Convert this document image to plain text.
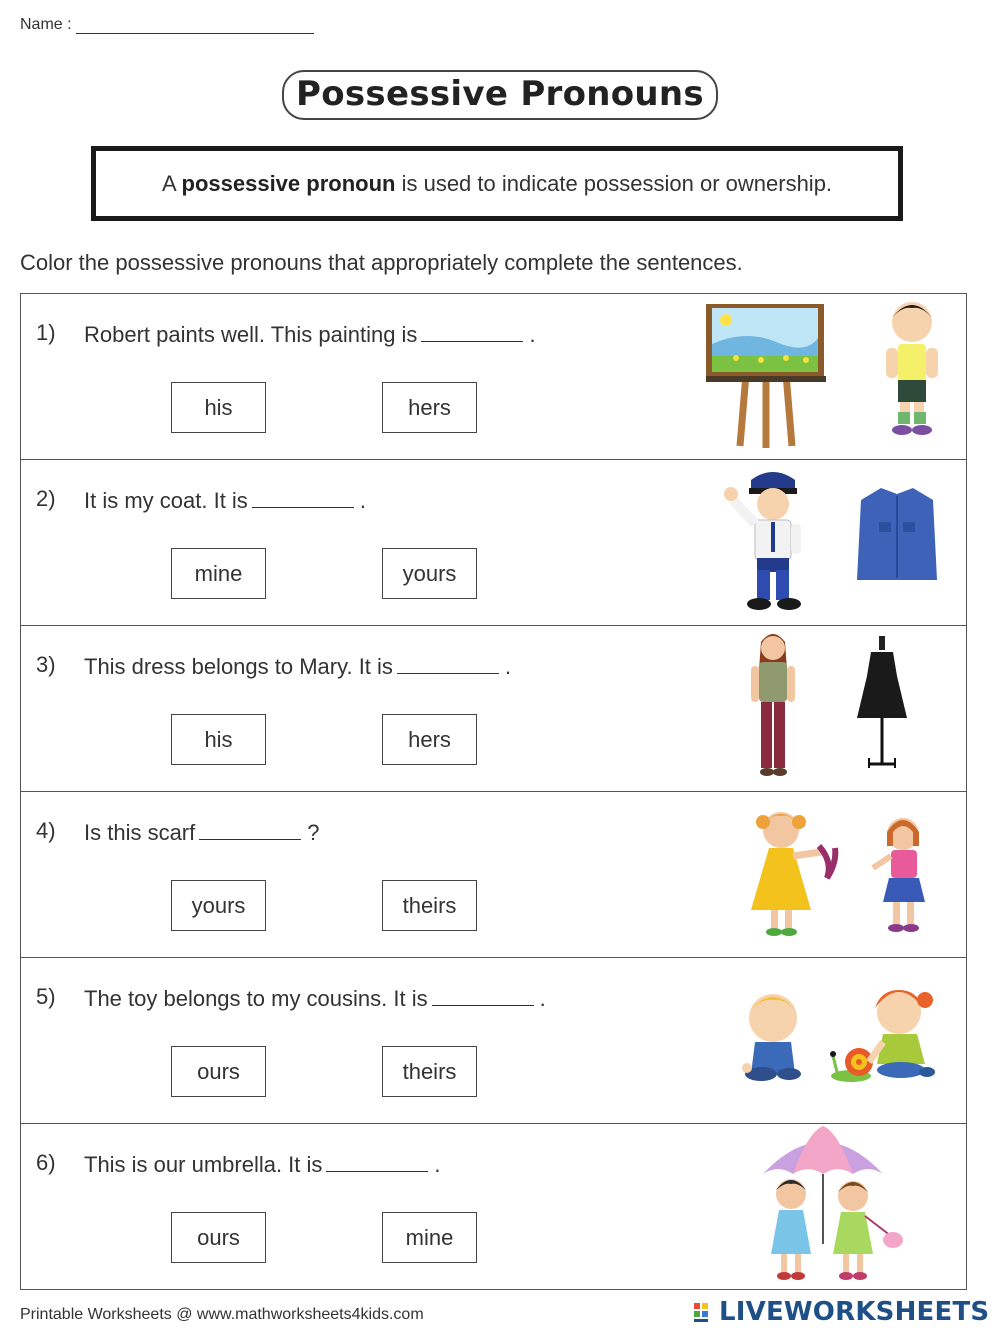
Name :
Possessive Pronouns
A possessive pronoun is used to indicate possession or ownership.
Color the possessive pronouns that appropriately complete the sentences.
1) Robert paints well. This painting is	.
his	hers
2) It is my coat. It is	.
mine	yours
3) This dress belongs to Mary. It is	.
his	hers
4) Is this scarf	?
yours	theirs
5) The toy belongs to my cousins. It is	.
ours	theirs
6) This is our umbrella. It is	.
ours	mine
Printable Worksheets @ www.mathworksheets4kids.com	LIVEWORKSHEETS
